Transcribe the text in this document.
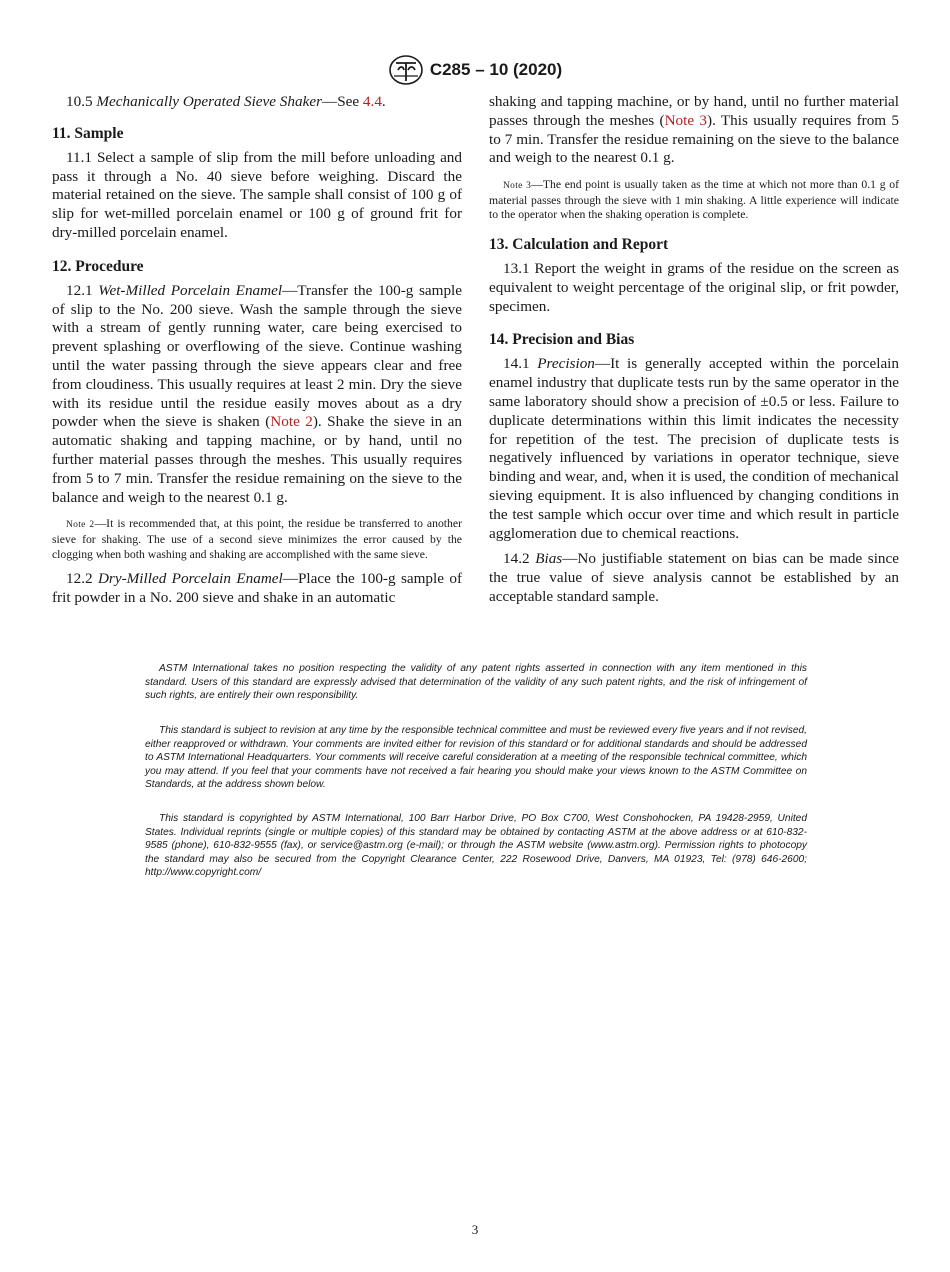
C285 – 10 (2020)

10.5 Mechanically Operated Sieve Shaker—See 4.4.

11. Sample

11.1 Select a sample of slip from the mill before unloading and pass it through a No. 40 sieve before weighing. Discard the material retained on the sieve. The sample shall consist of 100 g of slip for wet-milled porcelain enamel or 100 g of ground frit for dry-milled porcelain enamel.

12. Procedure

12.1 Wet-Milled Porcelain Enamel—Transfer the 100-g sample of slip to the No. 200 sieve. Wash the sample through the sieve with a stream of gently running water, care being exercised to prevent splashing or overflowing of the sieve. Continue washing until the water passing through the sieve appears clear and free from cloudiness. This usually requires at least 2 min. Dry the sieve with its residue until the residue easily moves about as a dry powder when the sieve is shaken (Note 2). Shake the sieve in an automatic shaking and tapping machine, or by hand, until no further material passes through the meshes. This usually requires from 5 to 7 min. Transfer the residue remaining on the sieve to the balance and weigh to the nearest 0.1 g.

Note 2—It is recommended that, at this point, the residue be transferred to another sieve for shaking. The use of a second sieve minimizes the error caused by the clogging when both washing and shaking are accomplished with the same sieve.

12.2 Dry-Milled Porcelain Enamel—Place the 100-g sample of frit powder in a No. 200 sieve and shake in an automatic

shaking and tapping machine, or by hand, until no further material passes through the meshes (Note 3). This usually requires from 5 to 7 min. Transfer the residue remaining on the sieve to the balance and weigh to the nearest 0.1 g.

Note 3—The end point is usually taken as the time at which not more than 0.1 g of material passes through the sieve with 1 min shaking. A little experience will indicate to the operator when the shaking operation is complete.

13. Calculation and Report

13.1 Report the weight in grams of the residue on the screen as equivalent to weight percentage of the original slip, or frit powder, specimen.

14. Precision and Bias

14.1 Precision—It is generally accepted within the porcelain enamel industry that duplicate tests run by the same operator in the same laboratory should show a precision of ±0.5 or less. Failure to duplicate determinations within this limit indicates the necessity for repetition of the test. The precision of duplicate tests is negatively influenced by variations in operator technique, sieve binding and wear, and, when it is used, the condition of mechanical sieving equipment. It is also influenced by changing conditions in the test sample which occur over time and which result in particle agglomeration due to chemical reactions.

14.2 Bias—No justifiable statement on bias can be made since the true value of sieve analysis cannot be established by an acceptable standard sample.

ASTM International takes no position respecting the validity of any patent rights asserted in connection with any item mentioned in this standard. Users of this standard are expressly advised that determination of the validity of any such patent rights, and the risk of infringement of such rights, are entirely their own responsibility.

This standard is subject to revision at any time by the responsible technical committee and must be reviewed every five years and if not revised, either reapproved or withdrawn. Your comments are invited either for revision of this standard or for additional standards and should be addressed to ASTM International Headquarters. Your comments will receive careful consideration at a meeting of the responsible technical committee, which you may attend. If you feel that your comments have not received a fair hearing you should make your views known to the ASTM Committee on Standards, at the address shown below.

This standard is copyrighted by ASTM International, 100 Barr Harbor Drive, PO Box C700, West Conshohocken, PA 19428-2959, United States. Individual reprints (single or multiple copies) of this standard may be obtained by contacting ASTM at the above address or at 610-832-9585 (phone), 610-832-9555 (fax), or service@astm.org (e-mail); or through the ASTM website (www.astm.org). Permission rights to photocopy the standard may also be secured from the Copyright Clearance Center, 222 Rosewood Drive, Danvers, MA 01923, Tel: (978) 646-2600; http://www.copyright.com/

3
